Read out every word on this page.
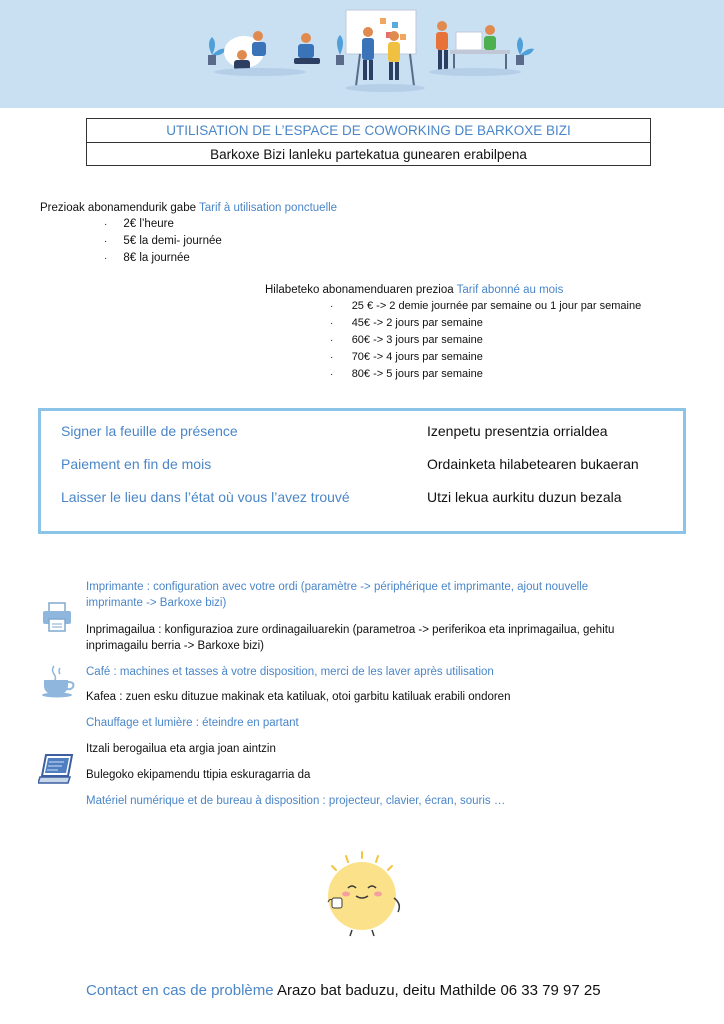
UTILISATION DE L’ESPACE DE COWORKING DE BARKOXE BIZI
Barkoxe Bizi lanleku partekatua gunearen erabilpena
Prezioak abonamendurik gabe Tarif à utilisation ponctuelle
· 2€ l’heure
· 5€ la demi- journée
· 8€ la journée
Hilabeteko abonamenduaren prezioa Tarif abonné au mois
· 25 € -> 2 demie journée par semaine ou 1 jour par semaine
· 45€ -> 2 jours par semaine
· 60€ -> 3 jours par semaine
· 70€ -> 4 jours par semaine
· 80€ -> 5 jours par semaine
Signer la feuille de présence	Izenpetu presentzia orrialdea
Paiement en fin de mois	Ordainketa hilabetearen bukaeran
Laisser le lieu dans l’état où vous l’avez trouvé	Utzi lekua aurkitu duzun bezala
Imprimante : configuration avec votre ordi (paramètre -> périphérique et imprimante, ajout nouvelle imprimante -> Barkoxe bizi)
Inprimagailua : konfigurazioa zure ordinagailuarekin (parametroa -> periferikoa eta inprimagailua, gehitu inprimagailu berria -> Barkoxe bizi)
Café : machines et tasses à votre disposition, merci de les laver après utilisation
Kafea : zuen esku dituzue makinak eta katiluak, otoi garbitu katiluak erabili ondoren
Chauffage et lumière : éteindre en partant
Itzali berogailua eta argia joan aintzin
Bulegoko ekipamendu ttipia eskuragarria da
Matériel numérique et de bureau à disposition : projecteur, clavier, écran, souris …
Contact en cas de problème Arazo bat baduzu, deitu Mathilde 06 33 79 97 25
